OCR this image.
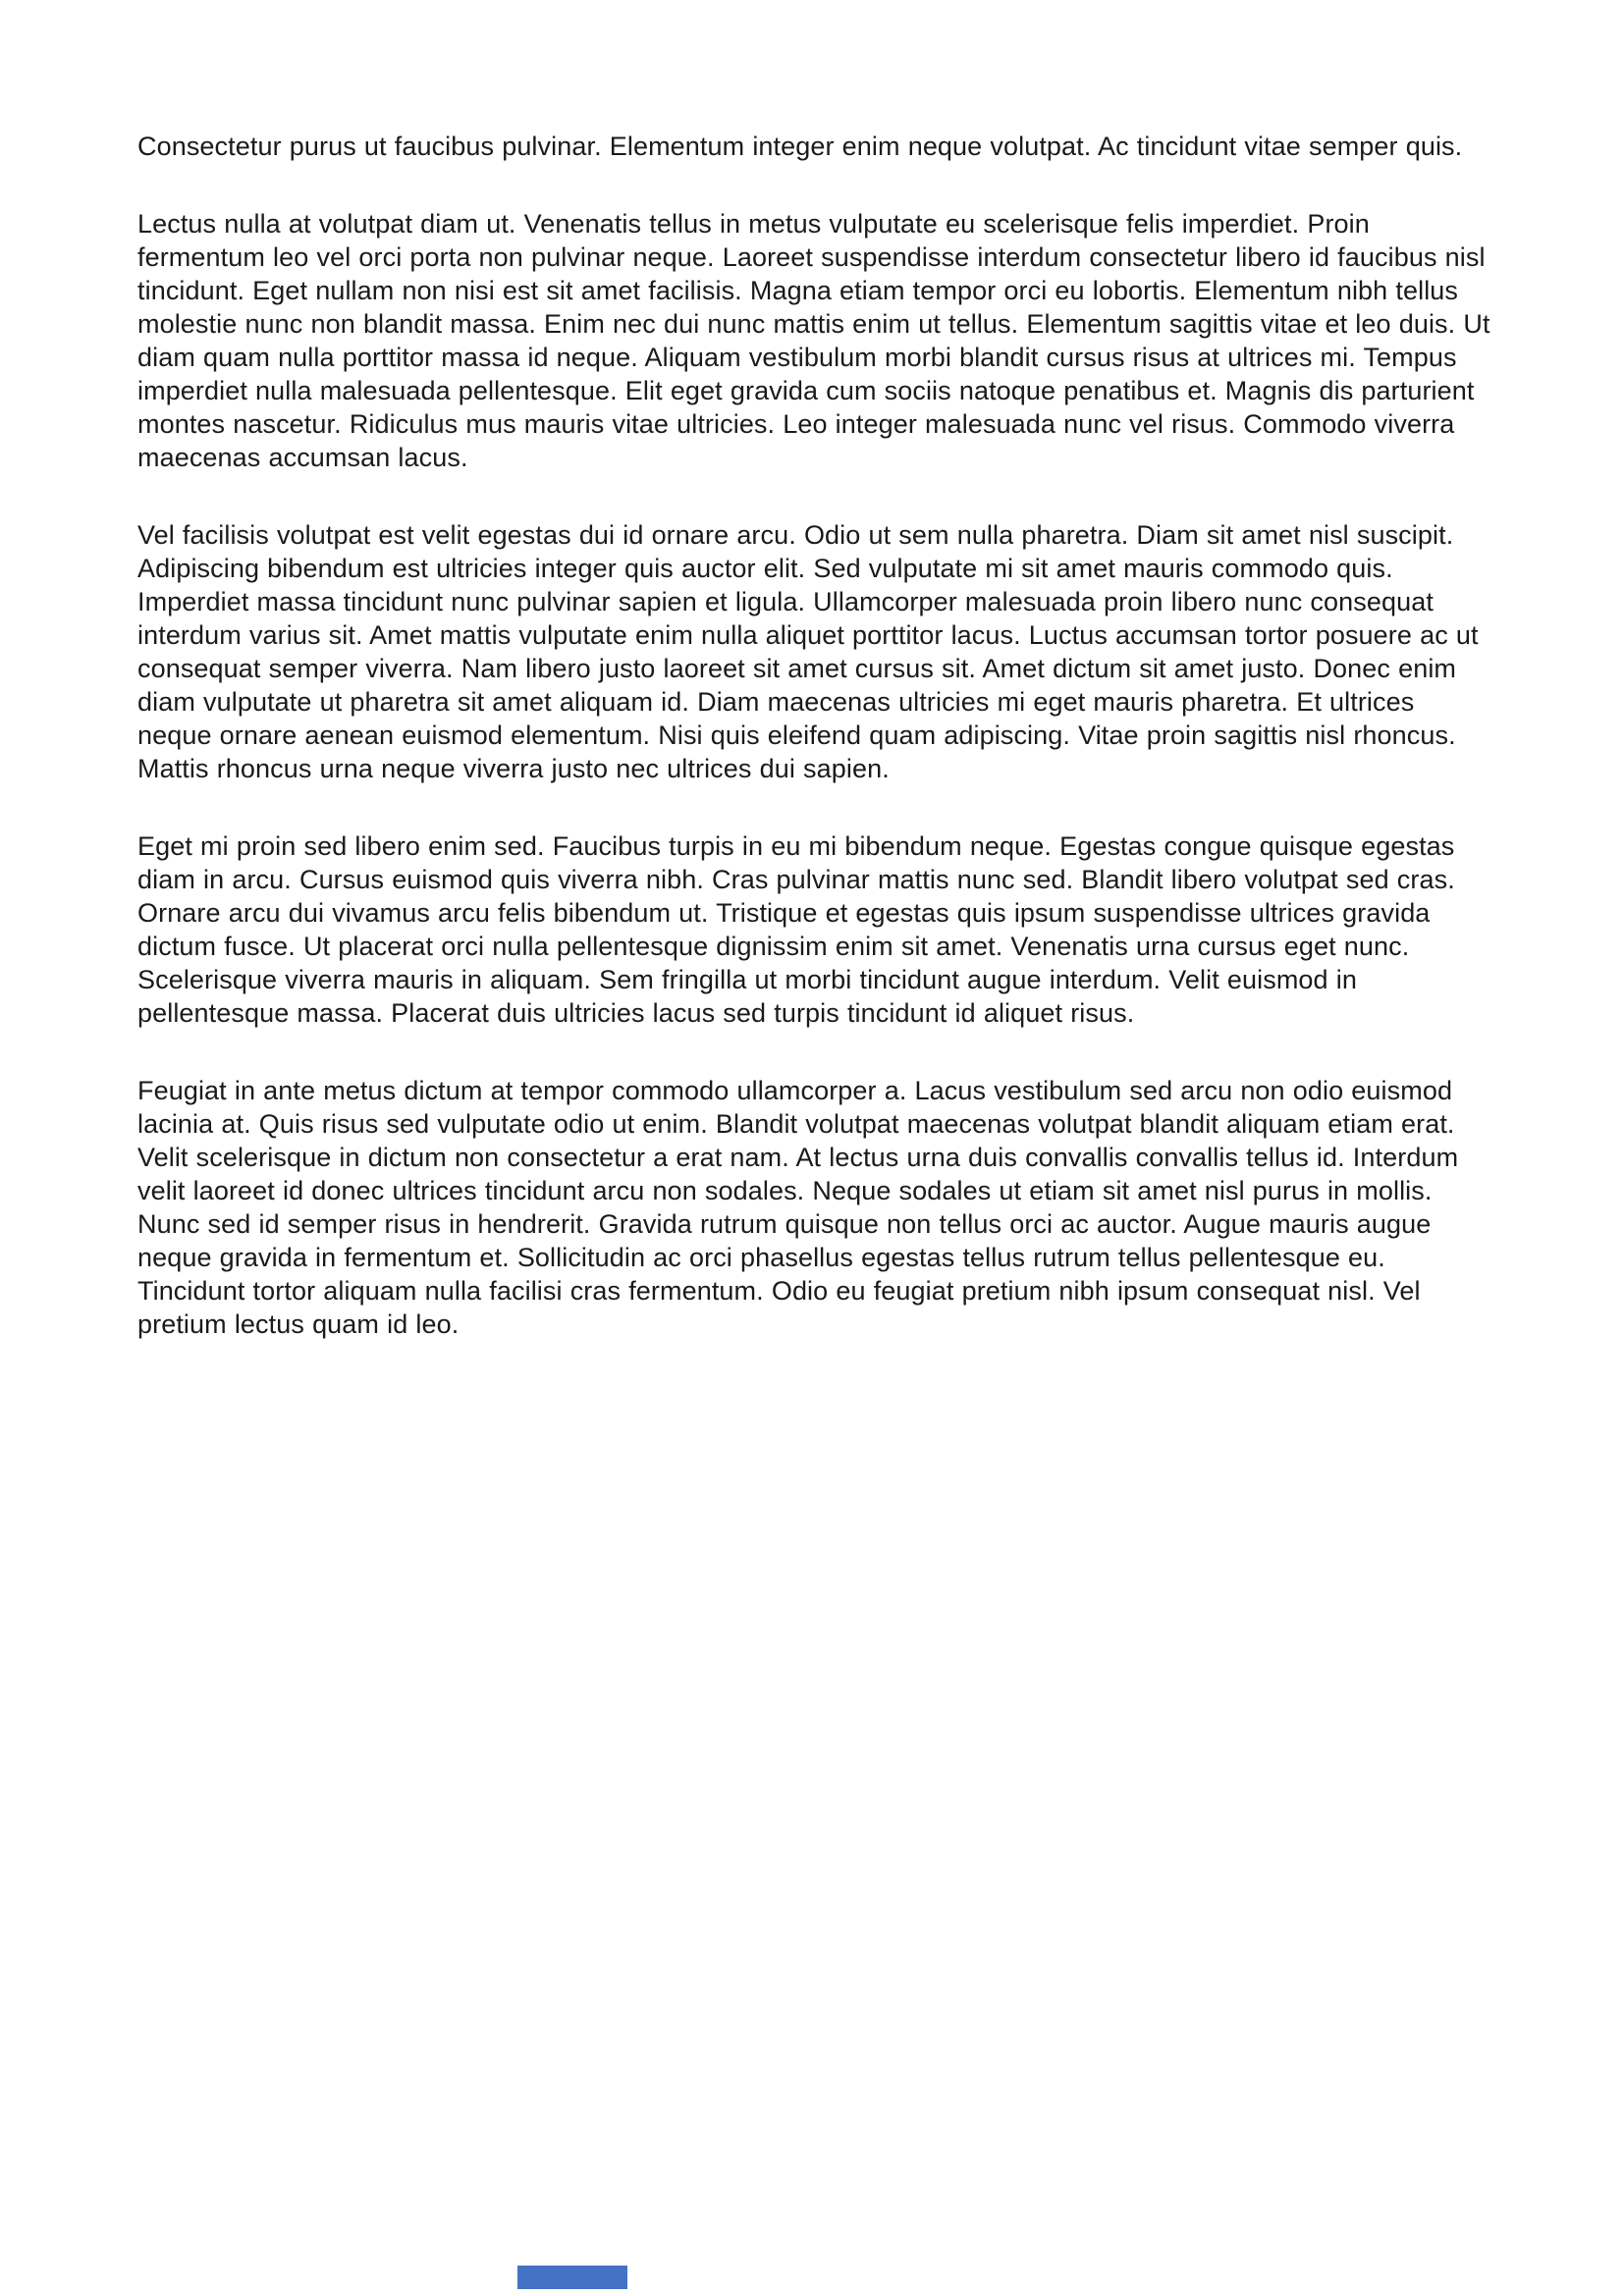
Consectetur purus ut faucibus pulvinar. Elementum integer enim neque volutpat. Ac tincidunt vitae semper quis.

Lectus nulla at volutpat diam ut. Venenatis tellus in metus vulputate eu scelerisque felis imperdiet. Proin fermentum leo vel orci porta non pulvinar neque. Laoreet suspendisse interdum consectetur libero id faucibus nisl tincidunt. Eget nullam non nisi est sit amet facilisis. Magna etiam tempor orci eu lobortis. Elementum nibh tellus molestie nunc non blandit massa. Enim nec dui nunc mattis enim ut tellus. Elementum sagittis vitae et leo duis. Ut diam quam nulla porttitor massa id neque. Aliquam vestibulum morbi blandit cursus risus at ultrices mi. Tempus imperdiet nulla malesuada pellentesque. Elit eget gravida cum sociis natoque penatibus et. Magnis dis parturient montes nascetur. Ridiculus mus mauris vitae ultricies. Leo integer malesuada nunc vel risus. Commodo viverra maecenas accumsan lacus.

Vel facilisis volutpat est velit egestas dui id ornare arcu. Odio ut sem nulla pharetra. Diam sit amet nisl suscipit. Adipiscing bibendum est ultricies integer quis auctor elit. Sed vulputate mi sit amet mauris commodo quis. Imperdiet massa tincidunt nunc pulvinar sapien et ligula. Ullamcorper malesuada proin libero nunc consequat interdum varius sit. Amet mattis vulputate enim nulla aliquet porttitor lacus. Luctus accumsan tortor posuere ac ut consequat semper viverra. Nam libero justo laoreet sit amet cursus sit. Amet dictum sit amet justo. Donec enim diam vulputate ut pharetra sit amet aliquam id. Diam maecenas ultricies mi eget mauris pharetra. Et ultrices neque ornare aenean euismod elementum. Nisi quis eleifend quam adipiscing. Vitae proin sagittis nisl rhoncus. Mattis rhoncus urna neque viverra justo nec ultrices dui sapien.

Eget mi proin sed libero enim sed. Faucibus turpis in eu mi bibendum neque. Egestas congue quisque egestas diam in arcu. Cursus euismod quis viverra nibh. Cras pulvinar mattis nunc sed. Blandit libero volutpat sed cras. Ornare arcu dui vivamus arcu felis bibendum ut. Tristique et egestas quis ipsum suspendisse ultrices gravida dictum fusce. Ut placerat orci nulla pellentesque dignissim enim sit amet. Venenatis urna cursus eget nunc. Scelerisque viverra mauris in aliquam. Sem fringilla ut morbi tincidunt augue interdum. Velit euismod in pellentesque massa. Placerat duis ultricies lacus sed turpis tincidunt id aliquet risus.

Feugiat in ante metus dictum at tempor commodo ullamcorper a. Lacus vestibulum sed arcu non odio euismod lacinia at. Quis risus sed vulputate odio ut enim. Blandit volutpat maecenas volutpat blandit aliquam etiam erat. Velit scelerisque in dictum non consectetur a erat nam. At lectus urna duis convallis convallis tellus id. Interdum velit laoreet id donec ultrices tincidunt arcu non sodales. Neque sodales ut etiam sit amet nisl purus in mollis. Nunc sed id semper risus in hendrerit. Gravida rutrum quisque non tellus orci ac auctor. Augue mauris augue neque gravida in fermentum et. Sollicitudin ac orci phasellus egestas tellus rutrum tellus pellentesque eu. Tincidunt tortor aliquam nulla facilisi cras fermentum. Odio eu feugiat pretium nibh ipsum consequat nisl. Vel pretium lectus quam id leo.
